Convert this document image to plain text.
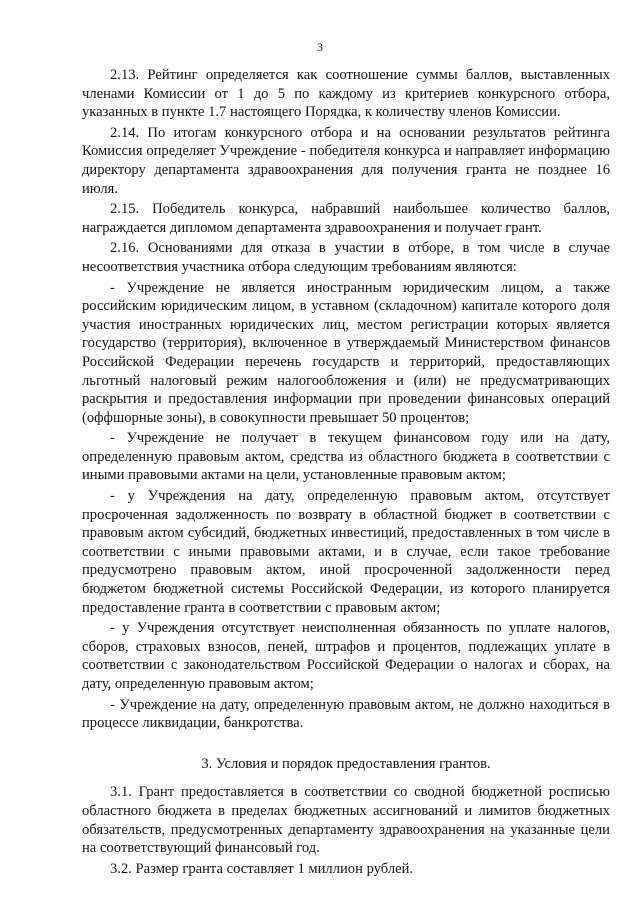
3

2.13. Рейтинг определяется как соотношение суммы баллов, выставленных членами Комиссии от 1 до 5 по каждому из критериев конкурсного отбора, указанных в пункте 1.7 настоящего Порядка, к количеству членов Комиссии.

2.14. По итогам конкурсного отбора и на основании результатов рейтинга Комиссия определяет Учреждение - победителя конкурса и направляет информацию директору департамента здравоохранения для получения гранта не позднее 16 июля.

2.15. Победитель конкурса, набравший наибольшее количество баллов, награждается дипломом департамента здравоохранения и получает грант.

2.16. Основаниями для отказа в участии в отборе, в том числе в случае несоответствия участника отбора следующим требованиям являются:

- Учреждение не является иностранным юридическим лицом, а также российским юридическим лицом, в уставном (складочном) капитале которого доля участия иностранных юридических лиц, местом регистрации которых является государство (территория), включенное в утверждаемый Министерством финансов Российской Федерации перечень государств и территорий, предоставляющих льготный налоговый режим налогообложения и (или) не предусматривающих раскрытия и предоставления информации при проведении финансовых операций (оффшорные зоны), в совокупности превышает 50 процентов;

- Учреждение не получает в текущем финансовом году или на дату, определенную правовым актом, средства из областного бюджета в соответствии с иными правовыми актами на цели, установленные правовым актом;

- у Учреждения на дату, определенную правовым актом, отсутствует просроченная задолженность по возврату в областной бюджет в соответствии с правовым актом субсидий, бюджетных инвестиций, предоставленных в том числе в соответствии с иными правовыми актами, и в случае, если такое требование предусмотрено правовым актом, иной просроченной задолженности перед бюджетом бюджетной системы Российской Федерации, из которого планируется предоставление гранта в соответствии с правовым актом;

- у Учреждения отсутствует неисполненная обязанность по уплате налогов, сборов, страховых взносов, пеней, штрафов и процентов, подлежащих уплате в соответствии с законодательством Российской Федерации о налогах и сборах, на дату, определенную правовым актом;

- Учреждение на дату, определенную правовым актом, не должно находиться в процессе ликвидации, банкротства.

3. Условия и порядок предоставления грантов.

3.1. Грант предоставляется в соответствии со сводной бюджетной росписью областного бюджета в пределах бюджетных ассигнований и лимитов бюджетных обязательств, предусмотренных департаменту здравоохранения на указанные цели на соответствующий финансовый год.

3.2. Размер гранта составляет 1 миллион рублей.
